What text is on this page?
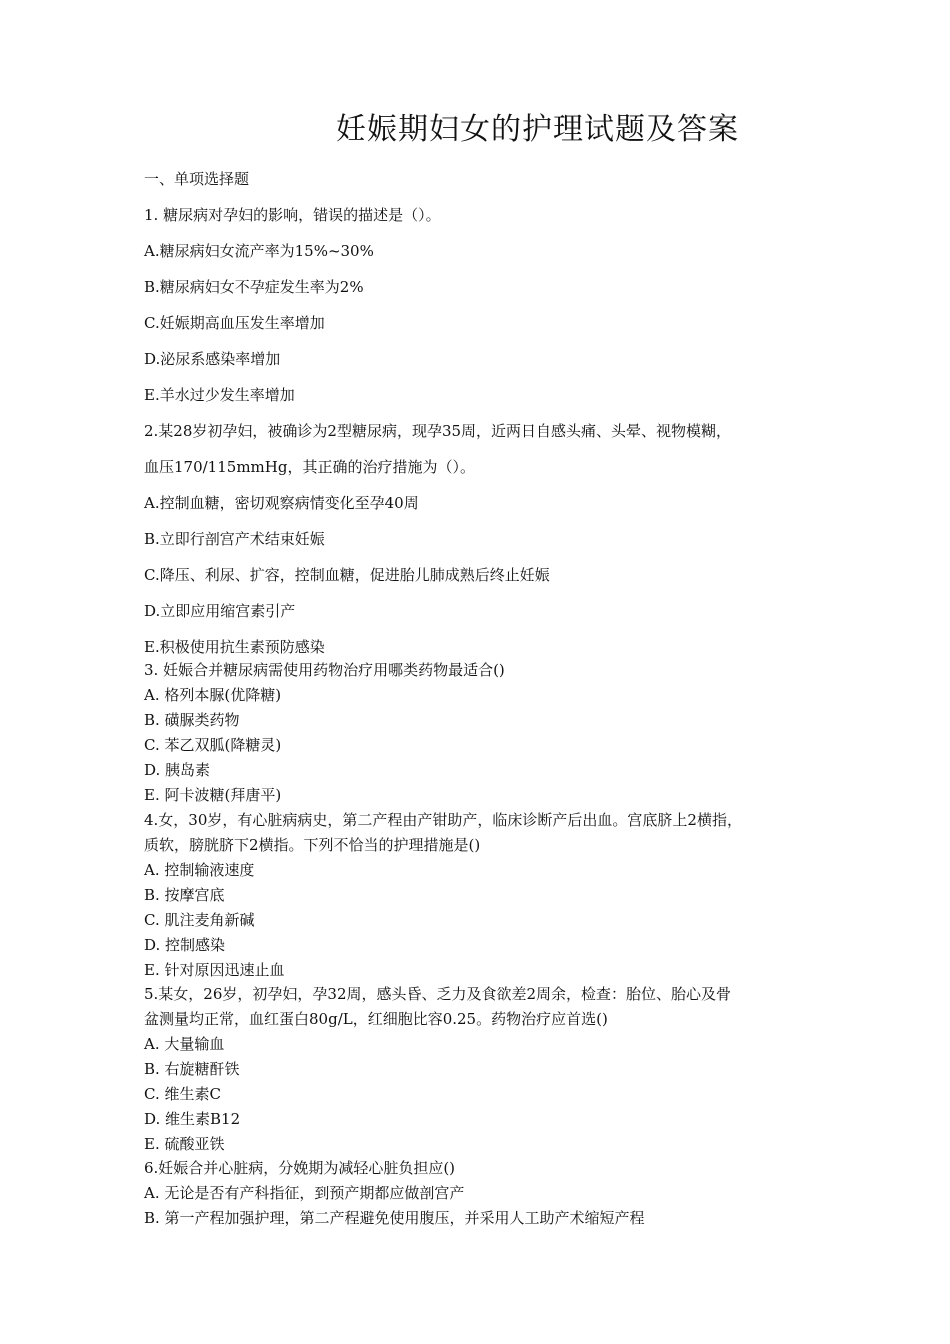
妊娠期妇女的护理试题及答案
一、单项选择题
1. 糖尿病对孕妇的影响，错误的描述是（）。
A.糖尿病妇女流产率为15%~30%
B.糖尿病妇女不孕症发生率为2%
C.妊娠期高血压发生率增加
D.泌尿系感染率增加
E.羊水过少发生率增加
2.某28岁初孕妇，被确诊为2型糖尿病，现孕35周，近两日自感头痛、头晕、视物模糊，
血压170/115mmHg，其正确的治疗措施为（）。
A.控制血糖，密切观察病情变化至孕40周
B.立即行剖宫产术结束妊娠
C.降压、利尿、扩容，控制血糖，促进胎儿肺成熟后终止妊娠
D.立即应用缩宫素引产
E.积极使用抗生素预防感染
3. 妊娠合并糖尿病需使用药物治疗用哪类药物最适合()
A. 格列本脲(优降糖)
B. 磺脲类药物
C. 苯乙双胍(降糖灵)
D. 胰岛素
E. 阿卡波糖(拜唐平)
4.女，30岁，有心脏病病史，第二产程由产钳助产，临床诊断产后出血。宫底脐上2横指，
质软，膀胱脐下2横指。下列不恰当的护理措施是()
A. 控制输液速度
B. 按摩宫底
C. 肌注麦角新碱
D. 控制感染
E. 针对原因迅速止血
5.某女，26岁，初孕妇，孕32周，感头昏、乏力及食欲差2周余，检查：胎位、胎心及骨
盆测量均正常，血红蛋白80g/L，红细胞比容0.25。药物治疗应首选()
A. 大量输血
B. 右旋糖酐铁
C. 维生素C
D. 维生素B12
E. 硫酸亚铁
6.妊娠合并心脏病，分娩期为减轻心脏负担应()
A. 无论是否有产科指征，到预产期都应做剖宫产
B. 第一产程加强护理，第二产程避免使用腹压，并采用人工助产术缩短产程
